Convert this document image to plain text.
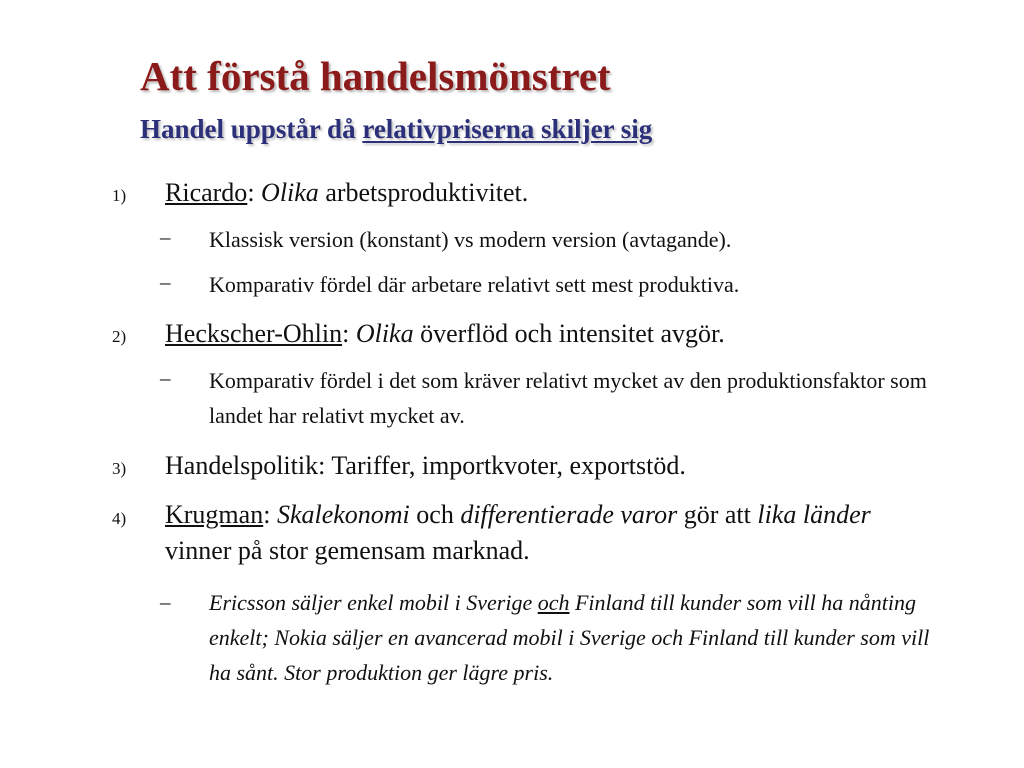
Att förstå handelsmönstret
Handel uppstår då relativpriserna skiljer sig
1) Ricardo: Olika arbetsproduktivitet.
– Klassisk version (konstant) vs modern version (avtagande).
– Komparativ fördel där arbetare relativt sett mest produktiva.
2) Heckscher-Ohlin: Olika överflöd och intensitet avgör.
– Komparativ fördel i det som kräver relativt mycket av den produktionsfaktor som landet har relativt mycket av.
3) Handelspolitik: Tariffer, importkvoter, exportstöd.
4) Krugman: Skalekonomi och differentierade varor gör att lika länder vinner på stor gemensam marknad.
– Ericsson säljer enkel mobil i Sverige och Finland till kunder som vill ha nånting enkelt; Nokia säljer en avancerad mobil i Sverige och Finland till kunder som vill ha sånt. Stor produktion ger lägre pris.
